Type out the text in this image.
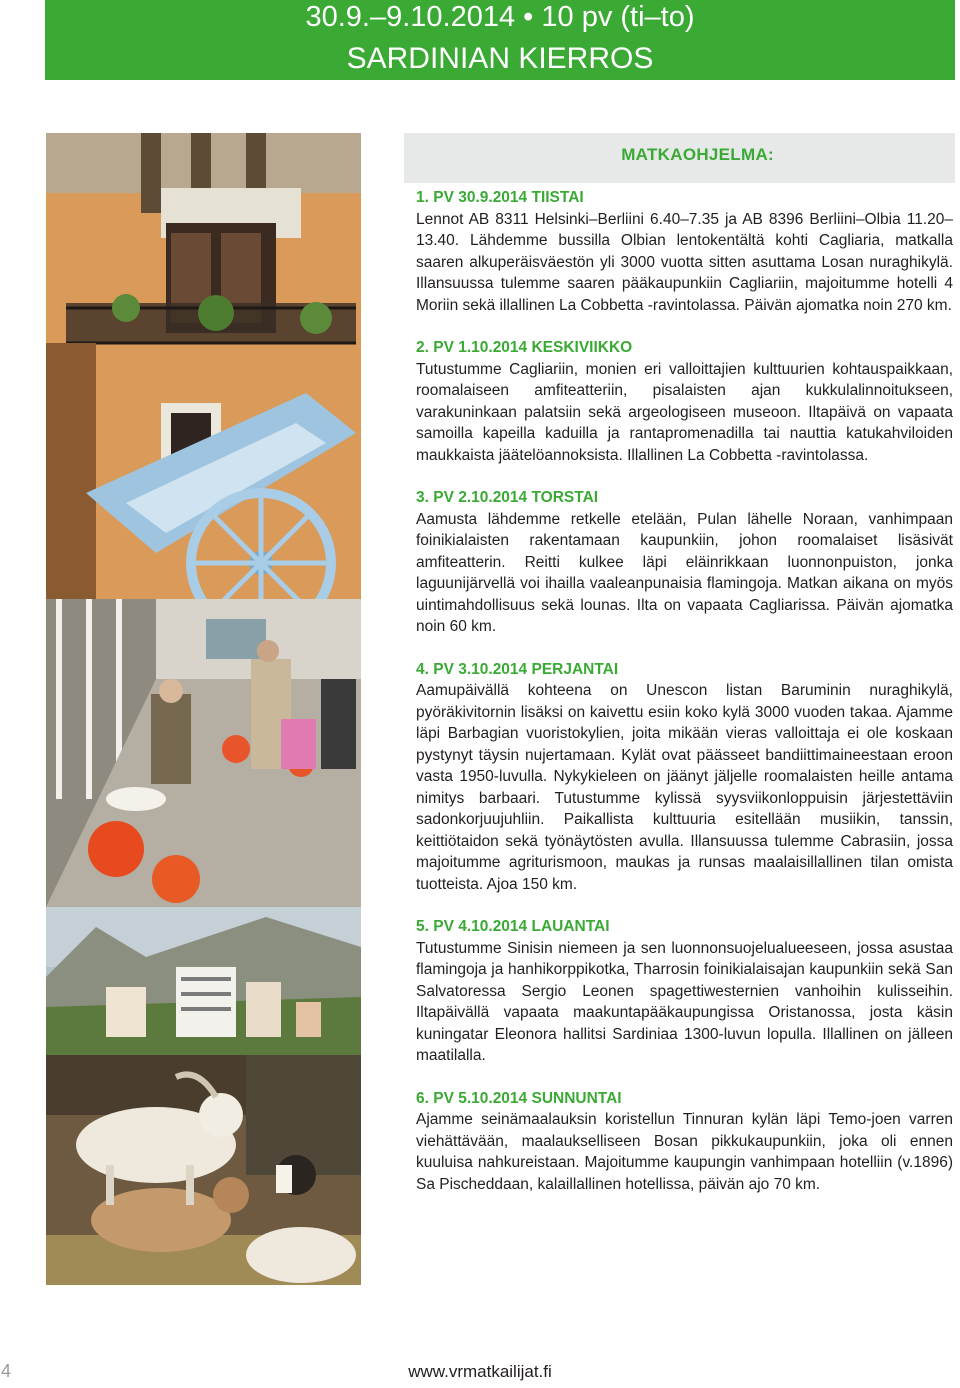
30.9.–9.10.2014 • 10 pv (ti–to)
SARDINIAN KIERROS
MATKAOHJELMA:
1. PV 30.9.2014 TIISTAI

Lennot AB 8311 Helsinki–Berliini 6.40–7.35 ja AB 8396 Berliini–Olbia 11.20–13.40. Lähdemme bussilla Olbian lentokentältä kohti Cagliaria, matkalla saaren alkuperäisväestön yli 3000 vuotta sitten asuttama Losan nuraghikylä. Illansuussa tulemme saaren pääkaupunkiin Cagliariin, majoitumme hotelli 4 Moriin sekä illallinen La Cobbetta -ravintolassa. Päivän ajomatka noin 270 km.

2. PV 1.10.2014 KESKIVIIKKO

Tutustumme Cagliariin, monien eri valloittajien kulttuurien kohtauspaikkaan, roomalaiseen amfiteatteriin, pisalaisten ajan kukkulalinnoitukseen, varakuninkaan palatsiin sekä argeologiseen museoon. Iltapäivä on vapaata samoilla kapeilla kaduilla ja rantapromenadilla tai nauttia katukahviloiden maukkaista jäätelöannoksista. Illallinen La Cobbetta -ravintolassa.

3. PV 2.10.2014 TORSTAI

Aamusta lähdemme retkelle etelään, Pulan lähelle Noraan, vanhimpaan foinikialaisten rakentamaan kaupunkiin, johon roomalaiset lisäsivät amfiteatterin. Reitti kulkee läpi eläinrikkaan luonnonpuiston, jonka laguunijärvellä voi ihailla vaaleanpunaisia flamingoja. Matkan aikana on myös uintimahdollisuus sekä lounas. Ilta on vapaata Cagliarissa. Päivän ajomatka noin 60 km.

4. PV 3.10.2014 PERJANTAI

Aamupäivällä kohteena on Unescon listan Baruminin nuraghikylä, pyöräkivitornin lisäksi on kaivettu esiin koko kylä 3000 vuoden takaa. Ajamme läpi Barbagian vuoristokylien, joita mikään vieras valloittaja ei ole koskaan pystynyt täysin nujertamaan. Kylät ovat päässeet bandiittimaineestaan eroon vasta 1950-luvulla. Nykykieleen on jäänyt jäljelle roomalaisten heille antama nimitys barbaari. Tutustumme kylissä syysviikonloppuisin järjestettäviin sadonkorjuujuhliin. Paikallista kulttuuria esitellään musiikin, tanssin, keittiötaidon sekä työnäytösten avulla. Illansuussa tulemme Cabrasiin, jossa majoitumme agriturismoon, maukas ja runsas maalaisillallinen tilan omista tuotteista. Ajoa 150 km.

5. PV 4.10.2014 LAUANTAI

Tutustumme Sinisin niemeen ja sen luonnonsuojelualueeseen, jossa asustaa flamingoja ja hanhikorppikotka, Tharrosin foinikialaisajan kaupunkiin sekä San Salvatoressa Sergio Leonen spagettiwesternien vanhoihin kulisseihin. Iltapäivällä vapaata maakuntapääkaupungissa Oristanossa, josta käsin kuningatar Eleonora hallitsi Sardiniaa 1300-luvun lopulla. Illallinen on jälleen maatilalla.

6. PV 5.10.2014 SUNNUNTAI

Ajamme seinämaalauksin koristellun Tinnuran kylän läpi Temo-joen varren viehättävään, maalaukselliseen Bosan pikkukaupunkiin, joka oli ennen kuuluisa nahkureistaan. Majoitumme kaupungin vanhimpaan hotelliin (v.1896) Sa Pischeddaan, kalaillallinen hotellissa, päivän ajo 70 km.

4	www.vrmatkailijat.fi
